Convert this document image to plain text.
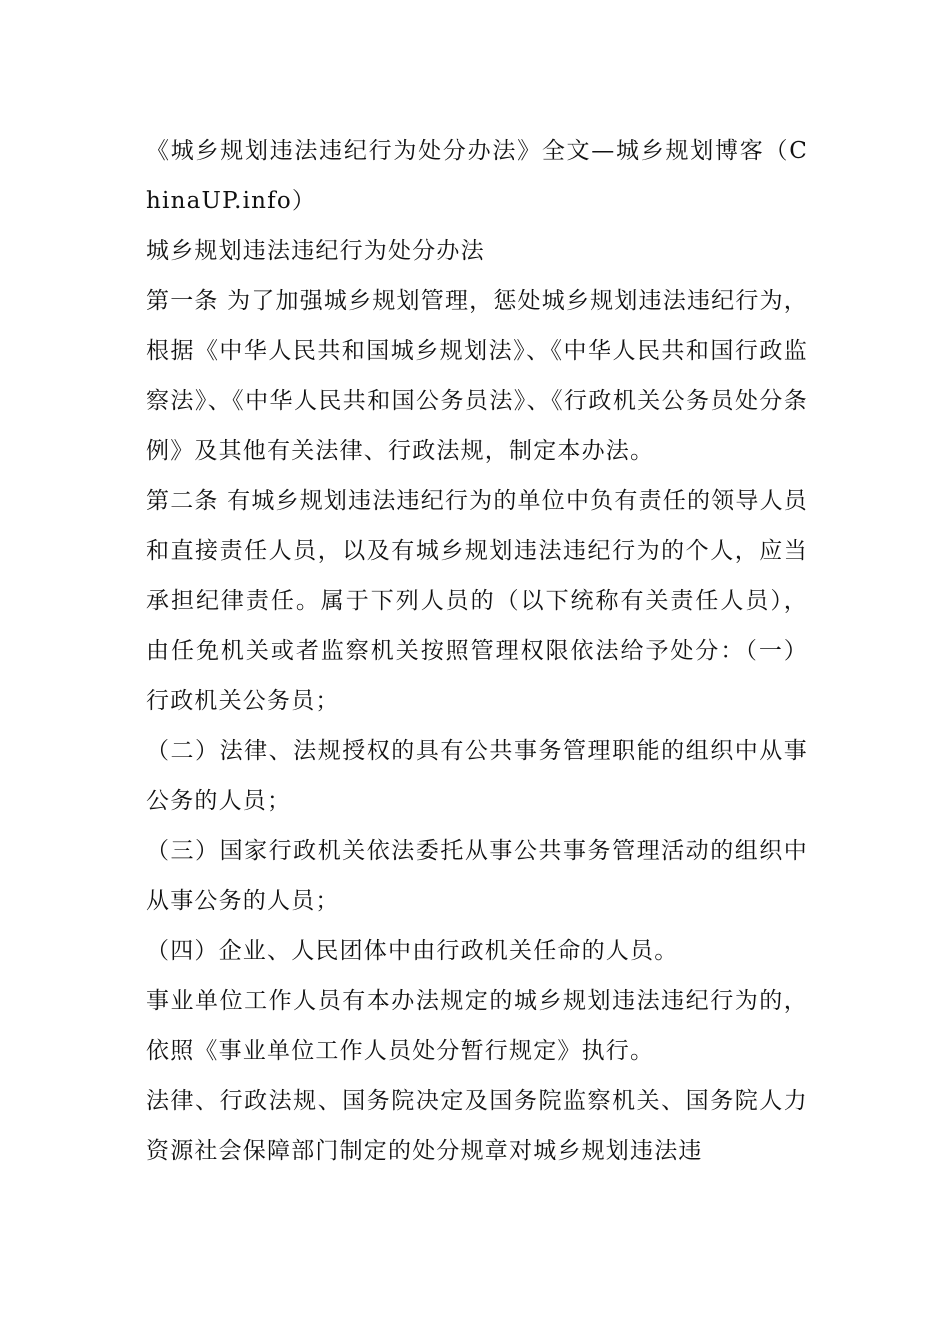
《城乡规划违法违纪行为处分办法》全文—城乡规划博客（ChinaUP.info）

城乡规划违法违纪行为处分办法

第一条 为了加强城乡规划管理，惩处城乡规划违法违纪行为，根据《中华人民共和国城乡规划法》、《中华人民共和国行政监察法》、《中华人民共和国公务员法》、《行政机关公务员处分条例》及其他有关法律、行政法规，制定本办法。

第二条 有城乡规划违法违纪行为的单位中负有责任的领导人员和直接责任人员，以及有城乡规划违法违纪行为的个人，应当承担纪律责任。属于下列人员的（以下统称有关责任人员），由任免机关或者监察机关按照管理权限依法给予处分：（一）行政机关公务员；

（二）法律、法规授权的具有公共事务管理职能的组织中从事公务的人员；

（三）国家行政机关依法委托从事公共事务管理活动的组织中从事公务的人员；

（四）企业、人民团体中由行政机关任命的人员。

事业单位工作人员有本办法规定的城乡规划违法违纪行为的，依照《事业单位工作人员处分暂行规定》执行。

法律、行政法规、国务院决定及国务院监察机关、国务院人力资源社会保障部门制定的处分规章对城乡规划违法违
